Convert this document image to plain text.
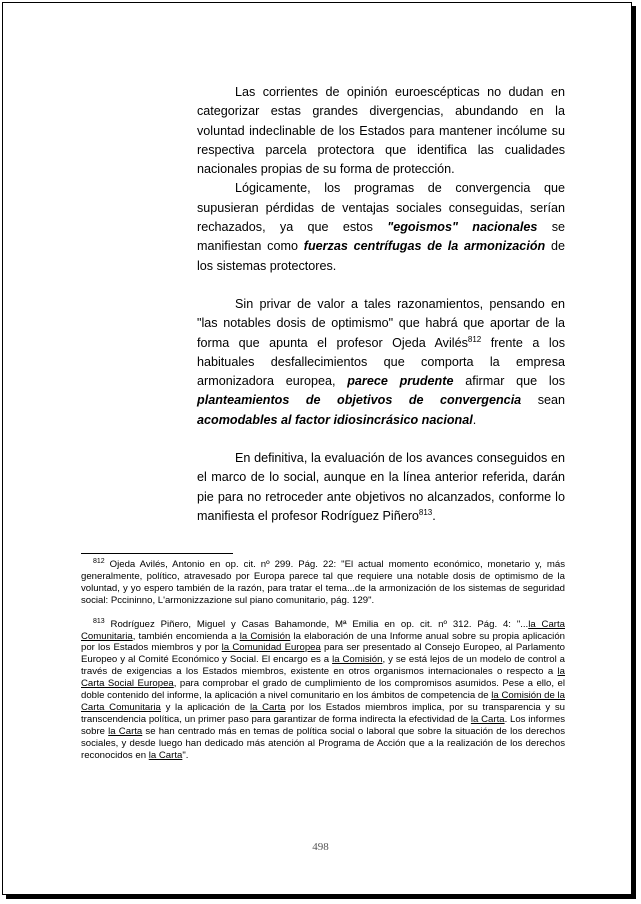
Las corrientes de opinión euroescépticas no dudan en categorizar estas grandes divergencias, abundando en la voluntad indeclinable de los Estados para mantener incólume su respectiva parcela protectora que identifica las cualidades nacionales propias de su forma de protección.

Lógicamente, los programas de convergencia que supusieran pérdidas de ventajas sociales conseguidas, serían rechazados, ya que estos "egoismos" nacionales se manifiestan como fuerzas centrífugas de la armonización de los sistemas protectores.

Sin privar de valor a tales razonamientos, pensando en "las notables dosis de optimismo" que habrá que aportar de la forma que apunta el profesor Ojeda Avilés$^{812}$ frente a los habituales desfallecimientos que comporta la empresa armonizadora europea, parece prudente afirmar que los planteamientos de objetivos de convergencia sean acomodables al factor idiosincrásico nacional.

En definitiva, la evaluación de los avances conseguidos en el marco de lo social, aunque en la línea anterior referida, darán pie para no retroceder ante objetivos no alcanzados, conforme lo manifiesta el profesor Rodríguez Piñero$^{813}$.

$^{812}$ Ojeda Avilés, Antonio en op. cit. nº 299. Pág. 22: "El actual momento económico, monetario y, más generalmente, político, atravesado por Europa parece tal que requiere una notable dosis de optimismo de la voluntad, y yo espero también de la razón, para tratar el tema...de la armonización de los sistemas de seguridad social: Pccininno, L'armonizzazione sul piano comunitario, pág. 129".

$^{813}$ Rodríguez Piñero, Miguel y Casas Bahamonde, Mª Emilia en op. cit. nº 312. Pág. 4: "...la Carta Comunitaria, también encomienda a la Comisión la elaboración de una Informe anual sobre su propia aplicación por los Estados miembros y por la Comunidad Europea para ser presentado al Consejo Europeo, al Parlamento Europeo y al Comité Económico y Social. El encargo es a la Comisión, y se está lejos de un modelo de control a través de exigencias a los Estados miembros, existente en otros organismos internacionales o respecto a la Carta Social Europea, para comprobar el grado de cumplimiento de los compromisos asumidos. Pese a ello, el doble contenido del informe, la aplicación a nivel comunitario en los ámbitos de competencia de la Comisión de la Carta Comunitaria y la aplicación de la Carta por los Estados miembros implica, por su transparencia y su transcendencia política, un primer paso para garantizar de forma indirecta la efectividad de la Carta. Los informes sobre la Carta se han centrado más en temas de política social o laboral que sobre la situación de los derechos sociales, y desde luego han dedicado más atención al Programa de Acción que a la realización de los derechos reconocidos en la Carta".

498
